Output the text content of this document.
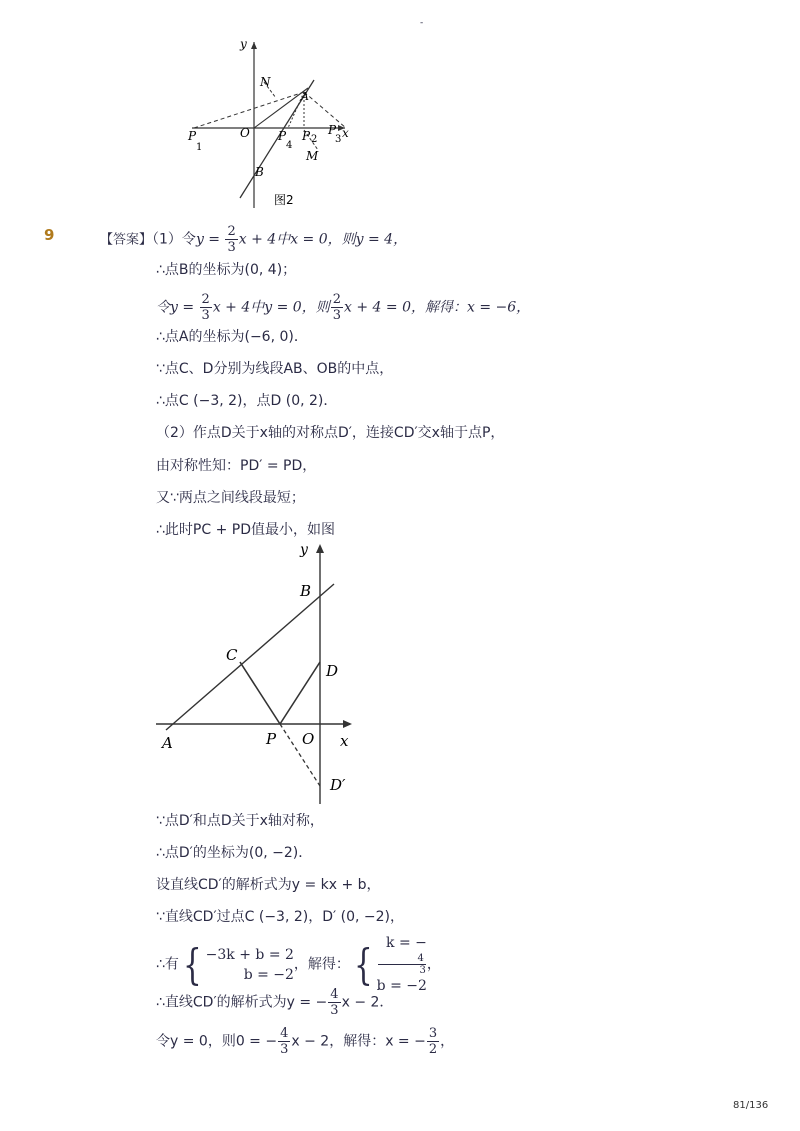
-
y
N
A
O	x
P
1
P
4
P 2
P
3
M
B
图2
9	【答案】（1）令$y = \frac{2}{3}$ x + 4中x = 0，则y = 4，
∴点B的坐标为(0, 4)；
令$y = \frac{2}{3}$ x + 4中y = 0，则 $\frac{2}{3}$ x + 4 = 0，解得：x = −6，
∴点A的坐标为(−6, 0)．
∵点C、D分别为线段AB、OB的中点，
∴点C (−3, 2)，点D (0, 2)．
（2）作点D关于x轴的对称点D′，连接CD′交x轴于点P，
由对称性知：PD′ = PD，
又∵两点之间线段最短；
∴此时PC + PD值最小，如图
y
B
C
D
A	P O x
D′
∵点D′和点D关于x轴对称，
∴点D′的坐标为(0, −2)．
设直线CD′的解析式为y = kx + b，
∵直线CD′过点C (−3, 2)，D′ (0, −2)，
∴有{ −3k + b = 2
b = −2
，解得：{ k = −
4
3
b = −2
，
∴直线CD′的解析式为y = − $\frac{4}{3}$ x − 2．
令y = 0，则0 = − $\frac{4}{3}$ x − 2，解得：x = − $\frac{3}{2}$ ，
81/136
